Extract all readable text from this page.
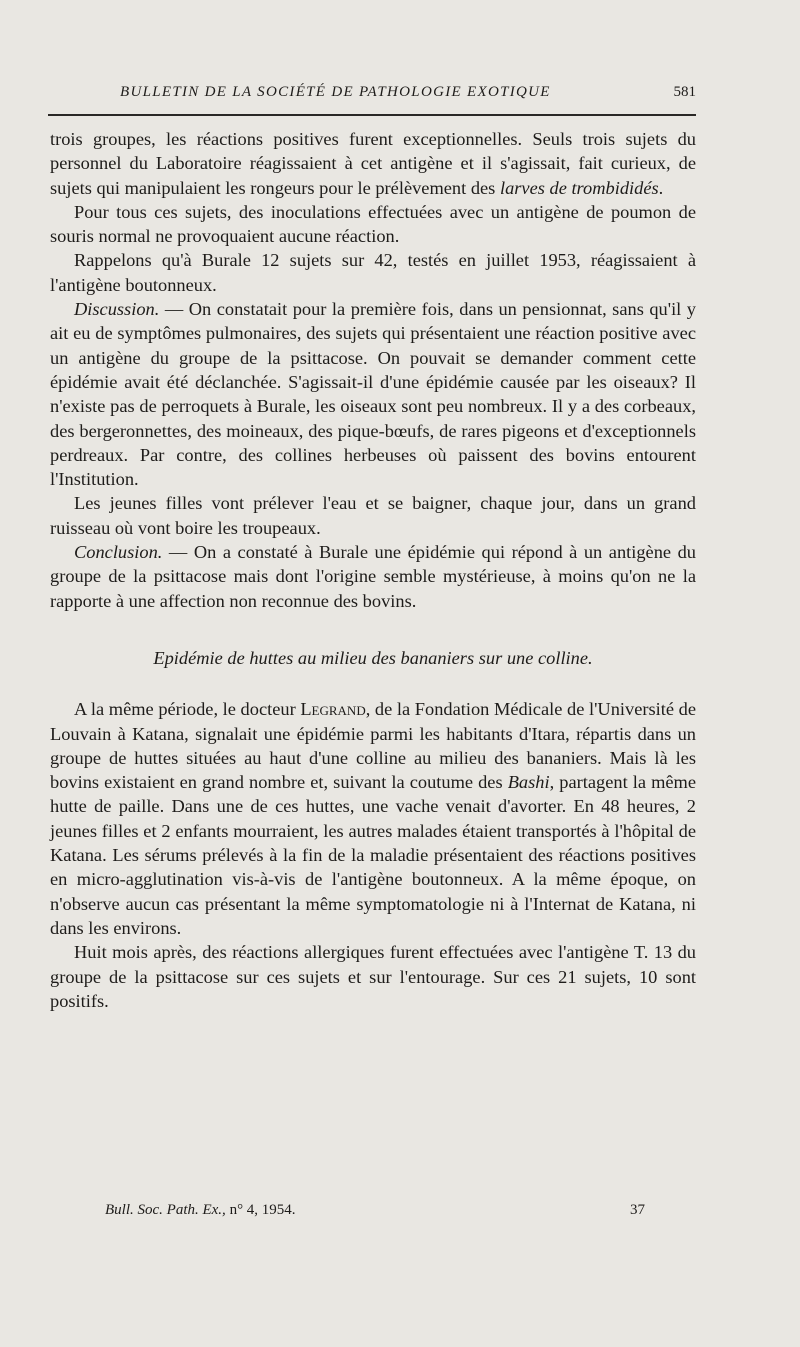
BULLETIN DE LA SOCIÉTÉ DE PATHOLOGIE EXOTIQUE	581

trois groupes, les réactions positives furent exceptionnelles. Seuls trois sujets du personnel du Laboratoire réagissaient à cet antigène et il s'agissait, fait curieux, de sujets qui manipulaient les rongeurs pour le prélèvement des larves de trombididés.

Pour tous ces sujets, des inoculations effectuées avec un antigène de poumon de souris normal ne provoquaient aucune réaction.

Rappelons qu'à Burale 12 sujets sur 42, testés en juillet 1953, réagissaient à l'antigène boutonneux.

Discussion. — On constatait pour la première fois, dans un pensionnat, sans qu'il y ait eu de symptômes pulmonaires, des sujets qui présentaient une réaction positive avec un antigène du groupe de la psittacose. On pouvait se demander comment cette épidémie avait été déclanchée. S'agissait-il d'une épidémie causée par les oiseaux? Il n'existe pas de perroquets à Burale, les oiseaux sont peu nombreux. Il y a des corbeaux, des bergeronnettes, des moineaux, des pique-bœufs, de rares pigeons et d'exceptionnels perdreaux. Par contre, des collines herbeuses où paissent des bovins entourent l'Institution.

Les jeunes filles vont prélever l'eau et se baigner, chaque jour, dans un grand ruisseau où vont boire les troupeaux.

Conclusion. — On a constaté à Burale une épidémie qui répond à un antigène du groupe de la psittacose mais dont l'origine semble mystérieuse, à moins qu'on ne la rapporte à une affection non reconnue des bovins.

Epidémie de huttes au milieu des bananiers sur une colline.

A la même période, le docteur Legrand, de la Fondation Médicale de l'Université de Louvain à Katana, signalait une épidémie parmi les habitants d'Itara, répartis dans un groupe de huttes situées au haut d'une colline au milieu des bananiers. Mais là les bovins existaient en grand nombre et, suivant la coutume des Bashi, partagent la même hutte de paille. Dans une de ces huttes, une vache venait d'avorter. En 48 heures, 2 jeunes filles et 2 enfants mourraient, les autres malades étaient transportés à l'hôpital de Katana. Les sérums prélevés à la fin de la maladie présentaient des réactions positives en micro-agglutination vis-à-vis de l'antigène boutonneux. A la même époque, on n'observe aucun cas présentant la même symptomatologie ni à l'Internat de Katana, ni dans les environs.

Huit mois après, des réactions allergiques furent effectuées avec l'antigène T. 13 du groupe de la psittacose sur ces sujets et sur l'entourage. Sur ces 21 sujets, 10 sont positifs.

Bull. Soc. Path. Ex., n° 4, 1954.	37
